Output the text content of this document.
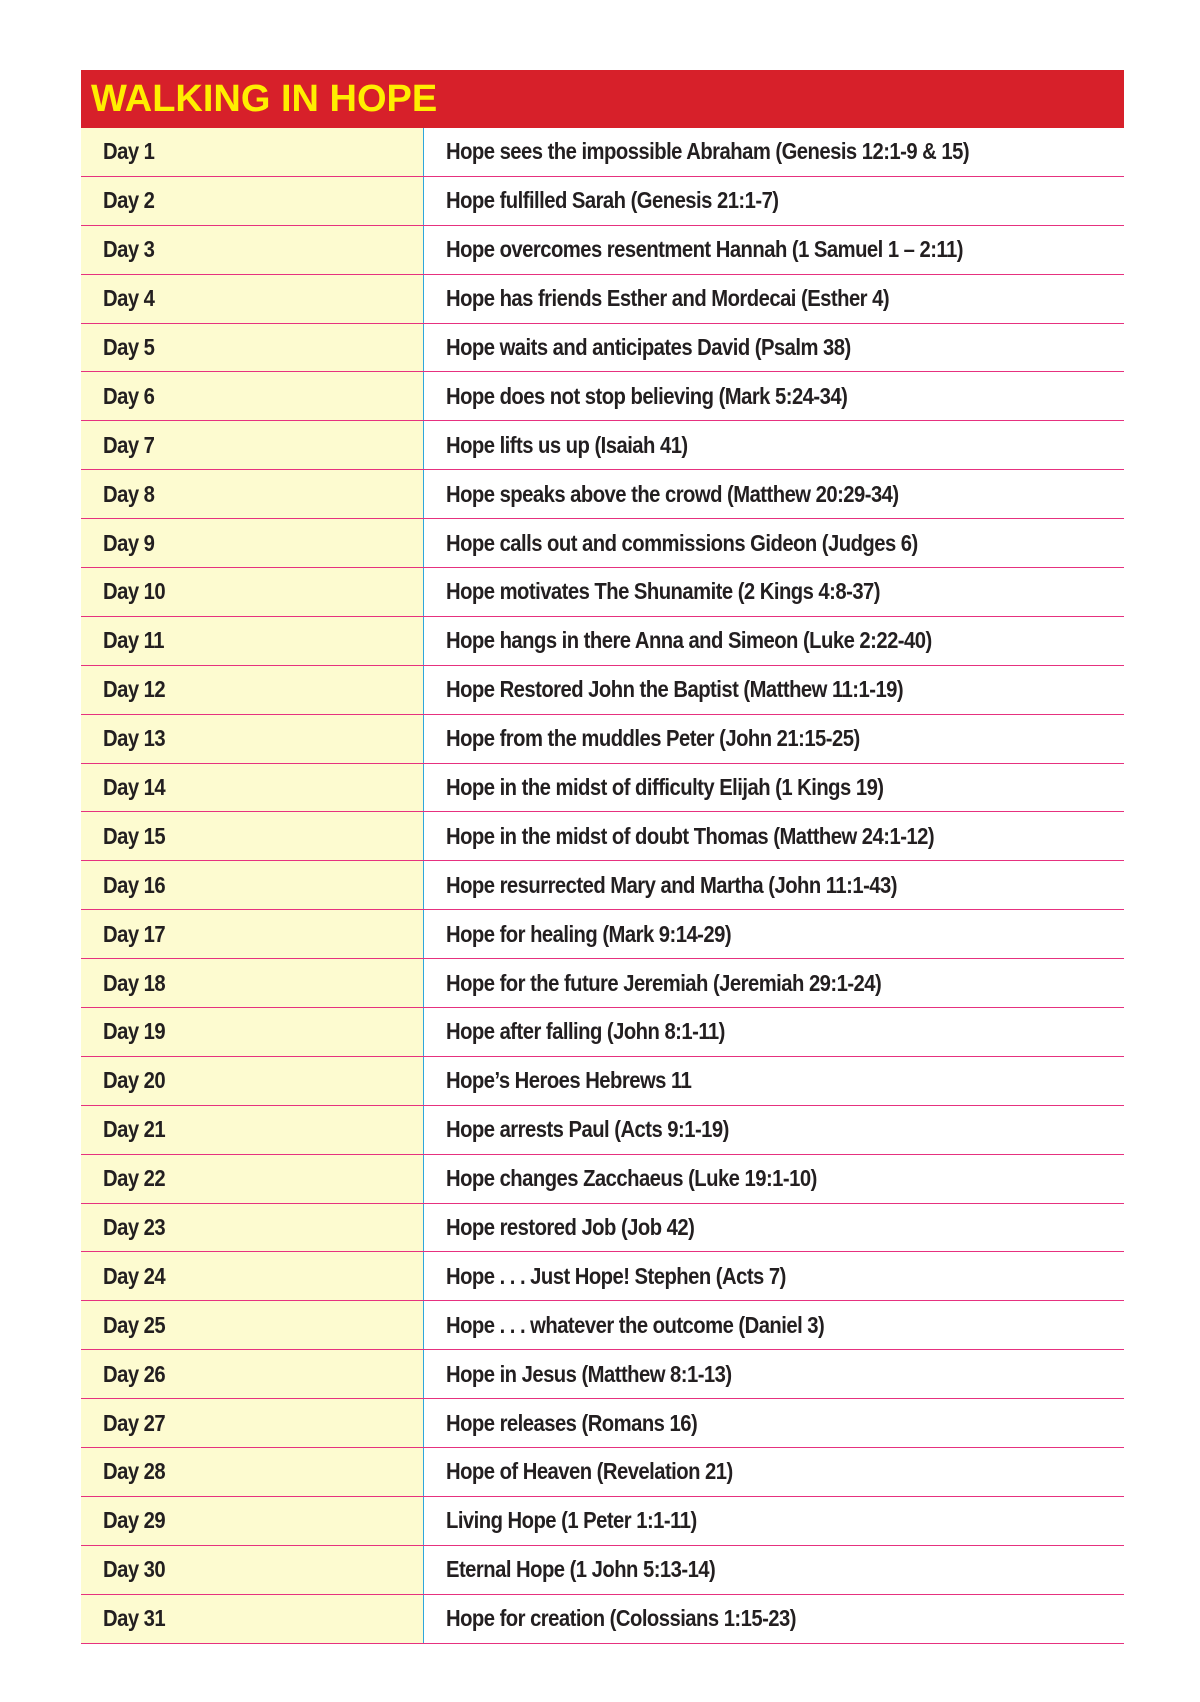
WALKING IN HOPE
Day 1	Hope sees the impossible Abraham (Genesis 12:1-9 & 15)
Day 2	Hope fulfilled Sarah (Genesis 21:1-7)
Day 3	Hope overcomes resentment Hannah (1 Samuel 1 – 2:11)
Day 4	Hope has friends Esther and Mordecai (Esther 4)
Day 5	Hope waits and anticipates David (Psalm 38)
Day 6	Hope does not stop believing (Mark 5:24-34)
Day 7	Hope lifts us up (Isaiah 41)
Day 8	Hope speaks above the crowd (Matthew 20:29-34)
Day 9	Hope calls out and commissions Gideon (Judges 6)
Day 10	Hope motivates The Shunamite (2 Kings 4:8-37)
Day 11	Hope hangs in there Anna and Simeon (Luke 2:22-40)
Day 12	Hope Restored John the Baptist (Matthew 11:1-19)
Day 13	Hope from the muddles Peter (John 21:15-25)
Day 14	Hope in the midst of difficulty Elijah (1 Kings 19)
Day 15	Hope in the midst of doubt Thomas (Matthew 24:1-12)
Day 16	Hope resurrected Mary and Martha (John 11:1-43)
Day 17	Hope for healing (Mark 9:14-29)
Day 18	Hope for the future Jeremiah (Jeremiah 29:1-24)
Day 19	Hope after falling (John 8:1-11)
Day 20	Hope’s Heroes Hebrews 11
Day 21	Hope arrests Paul (Acts 9:1-19)
Day 22	Hope changes Zacchaeus (Luke 19:1-10)
Day 23	Hope restored Job (Job 42)
Day 24	Hope . . . Just Hope! Stephen (Acts 7)
Day 25	Hope . . . whatever the outcome (Daniel 3)
Day 26	Hope in Jesus (Matthew 8:1-13)
Day 27	Hope releases (Romans 16)
Day 28	Hope of Heaven (Revelation 21)
Day 29	Living Hope (1 Peter 1:1-11)
Day 30	Eternal Hope (1 John 5:13-14)
Day 31	Hope for creation (Colossians 1:15-23)
